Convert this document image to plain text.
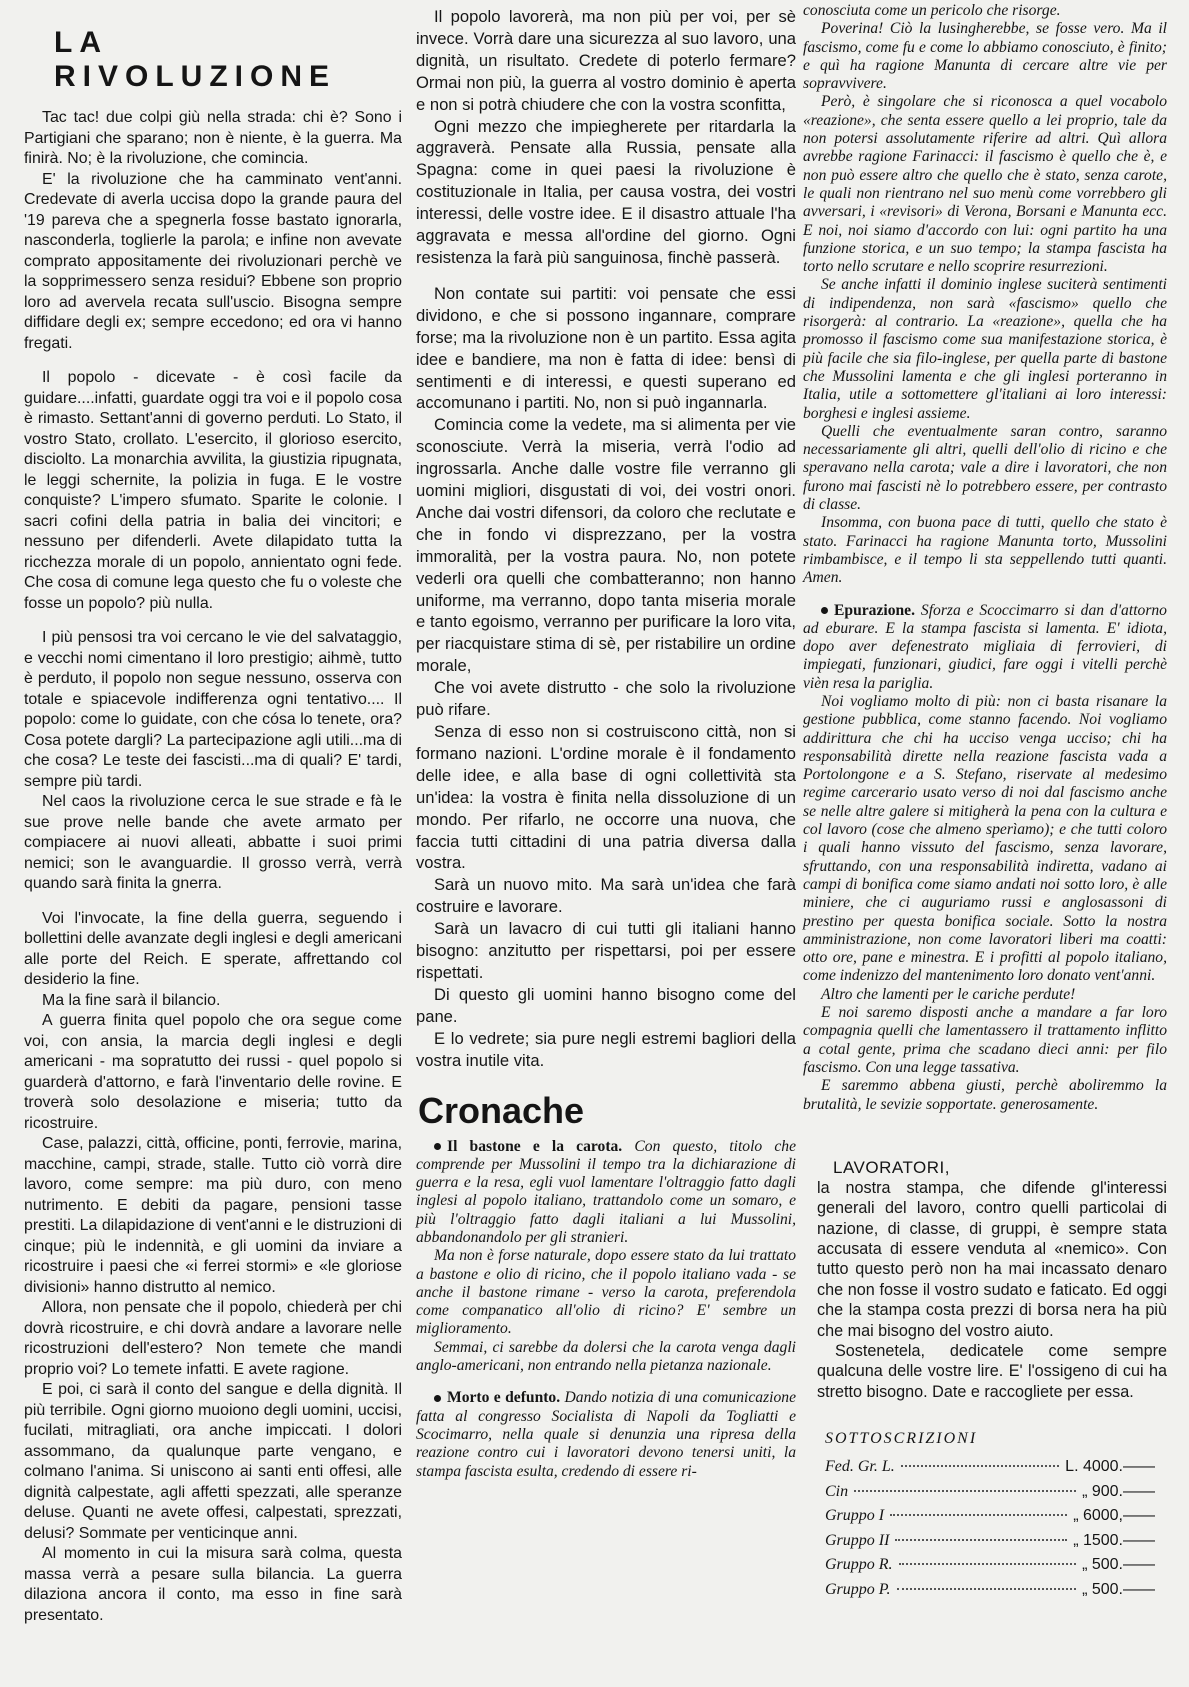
LA RIVOLUZIONE

Tac tac! due colpi giù nella strada: chi è? Sono i Partigiani che sparano; non è niente, è la guerra. Ma finirà. No; è la rivoluzione, che comincia.

E' la rivoluzione che ha camminato vent'anni. Credevate di averla uccisa dopo la grande paura del '19 pareva che a spegnerla fosse bastato ignorarla, nasconderla, toglierle la parola; e infine non avevate comprato appositamente dei rivoluzionari perchè ve la sopprimessero senza residui? Ebbene son proprio loro ad avervela recata sull'uscio. Bisogna sempre diffidare degli ex; sempre eccedono; ed ora vi hanno fregati.

Il popolo - dicevate - è così facile da guidare....infatti, guardate oggi tra voi e il popolo cosa è rimasto. Settant'anni di governo perduti. Lo Stato, il vostro Stato, crollato. L'esercito, il glorioso esercito, disciolto. La monarchia avvilita, la giustizia ripugnata, le leggi schernite, la polizia in fuga. E le vostre conquiste? L'impero sfumato. Sparite le colonie. I sacri cofini della patria in balia dei vincitori; e nessuno per difenderli. Avete dilapidato tutta la ricchezza morale di un popolo, annientato ogni fede. Che cosa di comune lega questo che fu o voleste che fosse un popolo? più nulla.

I più pensosi tra voi cercano le vie del salvataggio, e vecchi nomi cimentano il loro prestigio; aihmè, tutto è perduto, il popolo non segue nessuno, osserva con totale e spiacevole indifferenza ogni tentativo.... Il popolo: come lo guidate, con che cósa lo tenete, ora? Cosa potete dargli? La partecipazione agli utili...ma di che cosa? Le teste dei fascisti...ma di quali? E' tardi, sempre più tardi.

Nel caos la rivoluzione cerca le sue strade e fà le sue prove nelle bande che avete armato per compiacere ai nuovi alleati, abbatte i suoi primi nemici; son le avanguardie. Il grosso verrà, verrà quando sarà finita la gnerra.

Voi l'invocate, la fine della guerra, seguendo i bollettini delle avanzate degli inglesi e degli americani alle porte del Reich. E sperate, affrettando col desiderio la fine.

Ma la fine sarà il bilancio.

A guerra finita quel popolo che ora segue come voi, con ansia, la marcia degli inglesi e degli americani - ma sopratutto dei russi - quel popolo si guarderà d'attorno, e farà l'inventario delle rovine. E troverà solo desolazione e miseria; tutto da ricostruire.

Case, palazzi, città, officine, ponti, ferrovie, marina, macchine, campi, strade, stalle. Tutto ciò vorrà dire lavoro, come sempre: ma più duro, con meno nutrimento. E debiti da pagare, pensioni tasse prestiti. La dilapidazione di vent'anni e le distruzioni di cinque; più le indennità, e gli uomini da inviare a ricostruire i paesi che «i ferrei stormi» e «le gloriose divisioni» hanno distrutto al nemico.

Allora, non pensate che il popolo, chiederà per chi dovrà ricostruire, e chi dovrà andare a lavorare nelle ricostruzioni dell'estero? Non temete che mandi proprio voi? Lo temete infatti. E avete ragione.

E poi, ci sarà il conto del sangue e della dignità. Il più terribile. Ogni giorno muoiono degli uomini, uccisi, fucilati, mitragliati, ora anche impiccati. I dolori assommano, da qualunque parte vengano, e colmano l'anima. Si uniscono ai santi enti offesi, alle dignità calpestate, agli affetti spezzati, alle speranze deluse. Quanti ne avete offesi, calpestati, sprezzati, delusi? Sommate per venticinque anni.

Al momento in cui la misura sarà colma, questa massa verrà a pesare sulla bilancia. La guerra dilaziona ancora il conto, ma esso in fine sarà presentato.

Il popolo lavorerà, ma non più per voi, per sè invece. Vorrà dare una sicurezza al suo lavoro, una dignità, un risultato. Credete di poterlo fermare? Ormai non più, la guerra al vostro dominio è aperta e non si potrà chiudere che con la vostra sconfitta,

Ogni mezzo che impiegherete per ritardarla la aggraverà. Pensate alla Russia, pensate alla Spagna: come in quei paesi la rivoluzione è costituzionale in Italia, per causa vostra, dei vostri interessi, delle vostre idee. E il disastro attuale l'ha aggravata e messa all'ordine del giorno. Ogni resistenza la farà più sanguinosa, finchè passerà.

Non contate sui partiti: voi pensate che essi dividono, e che si possono ingannare, comprare forse; ma la rivoluzione non è un partito. Essa agita idee e bandiere, ma non è fatta di idee: bensì di sentimenti e di interessi, e questi superano ed accomunano i partiti. No, non si può ingannarla.

Comincia come la vedete, ma si alimenta per vie sconosciute. Verrà la miseria, verrà l'odio ad ingrossarla. Anche dalle vostre file verranno gli uomini migliori, disgustati di voi, dei vostri onori. Anche dai vostri difensori, da coloro che reclutate e che in fondo vi disprezzano, per la vostra immoralità, per la vostra paura. No, non potete vederli ora quelli che combatteranno; non hanno uniforme, ma verranno, dopo tanta miseria morale e tanto egoismo, verranno per purificare la loro vita, per riacquistare stima di sè, per ristabilire un ordine morale,

Che voi avete distrutto - che solo la rivoluzione può rifare.

Senza di esso non si costruiscono città, non si formano nazioni. L'ordine morale è il fondamento delle idee, e alla base di ogni collettività sta un'idea: la vostra è finita nella dissoluzione di un mondo. Per rifarlo, ne occorre una nuova, che faccia tutti cittadini di una patria diversa dalla vostra.

Sarà un nuovo mito. Ma sarà un'idea che farà costruire e lavorare.

Sarà un lavacro di cui tutti gli italiani hanno bisogno: anzitutto per rispettarsi, poi per essere rispettati.

Di questo gli uomini hanno bisogno come del pane.

E lo vedrete; sia pure negli estremi bagliori della vostra inutile vita.

Cronache

Il bastone e la carota. Con questo, titolo che comprende per Mussolini il tempo tra la dichiarazione di guerra e la resa, egli vuol lamentare l'oltraggio fatto dagli inglesi al popolo italiano, trattandolo come un somaro, e più l'oltraggio fatto dagli italiani a lui Mussolini, abbandonandolo per gli stranieri.

Ma non è forse naturale, dopo essere stato da lui trattato a bastone e olio di ricino, che il popolo italiano vada - se anche il bastone rimane - verso la carota, preferendola come companatico all'olio di ricino? E' sembre un miglioramento.

Semmai, ci sarebbe da dolersi che la carota venga dagli anglo-americani, non entrando nella pietanza nazionale.

Morto e defunto. Dando notizia di una comunicazione fatta al congresso Socialista di Napoli da Togliatti e Scocimarro, nella quale si denunzia una ripresa della reazione contro cui i lavoratori devono tenersi uniti, la stampa fascista esulta, credendo di essere ri-

conosciuta come un pericolo che risorge.

Poverina! Ciò la lusingherebbe, se fosse vero. Ma il fascismo, come fu e come lo abbiamo conosciuto, è finito; e quì ha ragione Manunta di cercare altre vie per sopravvivere.

Però, è singolare che si riconosca a quel vocabolo «reazione», che senta essere quello a lei proprio, tale da non potersi assolutamente riferire ad altri. Quì allora avrebbe ragione Farinacci: il fascismo è quello che è, e non può essere altro che quello che è stato, senza carote, le quali non rientrano nel suo menù come vorrebbero gli avversari, i «revisori» di Verona, Borsani e Manunta ecc. E noi, noi siamo d'accordo con lui: ogni partito ha una funzione storica, e un suo tempo; la stampa fascista ha torto nello scrutare e nello scoprire resurrezioni.

Se anche infatti il dominio inglese suciterà sentimenti di indipendenza, non sarà «fascismo» quello che risorgerà: al contrario. La «reazione», quella che ha promosso il fascismo come sua manifestazione storica, è più facile che sia filo-inglese, per quella parte di bastone che Mussolini lamenta e che gli inglesi porteranno in Italia, utile a sottomettere gl'italiani ai loro interessi: borghesi e inglesi assieme.

Quelli che eventualmente saran contro, saranno necessariamente gli altri, quelli dell'olio di ricino e che speravano nella carota; vale a dire i lavoratori, che non furono mai fascisti nè lo potrebbero essere, per contrasto di classe.

Insomma, con buona pace di tutti, quello che stato è stato. Farinacci ha ragione Manunta torto, Mussolini rimbambisce, e il tempo li sta seppellendo tutti quanti. Amen.

Epurazione. Sforza e Scoccimarro si dan d'attorno ad eburare. E la stampa fascista si lamenta. E' idiota, dopo aver defenestrato migliaia di ferrovieri, di impiegati, funzionari, giudici, fare oggi i vitelli perchè vièn resa la pariglia.

Noi vogliamo molto di più: non ci basta risanare la gestione pubblica, come stanno facendo. Noi vogliamo addirittura che chi ha ucciso venga ucciso; chi ha responsabilità dirette nella reazione fascista vada a Portolongone e a S. Stefano, riservate al medesimo regime carcerario usato verso di noi dal fascismo anche se nelle altre galere si mitigherà la pena con la cultura e col lavoro (cose che almeno sperìamo); e che tutti coloro i quali hanno vissuto del fascismo, senza lavorare, sfruttando, con una responsabilità indiretta, vadano ai campi di bonifica come siamo andati noi sotto loro, è alle miniere, che ci auguriamo russi e anglosassoni di prestino per questa bonifica sociale. Sotto la nostra amministrazione, non come lavoratori liberi ma coatti: otto ore, pane e minestra. E i profitti al popolo italiano, come indenizzo del mantenimento loro donato vent'anni.

Altro che lamenti per le cariche perdute!

E noi saremo disposti anche a mandare a far loro compagnia quelli che lamentassero il trattamento inflitto a cotal gente, prima che scadano dieci anni: per filo fascismo. Con una legge tassativa.

E saremmo abbena giusti, perchè aboliremmo la brutalità, le sevizie sopportate. generosamente.

LAVORATORI,

la nostra stampa, che difende gl'interessi generali del lavoro, contro quelli particolai di nazione, di classe, di gruppi, è sempre stata accusata di essere venduta al «nemico». Con tutto questo però non ha mai incassato denaro che non fosse il vostro sudato e faticato. Ed oggi che la stampa costa prezzi di borsa nera ha più che mai bisogno del vostro aiuto.

Sostenetela, dedicatele come sempre qualcuna delle vostre lire. E' l'ossigeno di cui ha stretto bisogno. Date e raccogliete per essa.

SOTTOSCRIZIONI
Fed. Gr. L.	L. 4000.——
Cin	„ 900.——
Gruppo I	„ 6000,——
Gruppo II	„ 1500.——
Gruppo R.	„ 500.——
Gruppo P.	„ 500.——
